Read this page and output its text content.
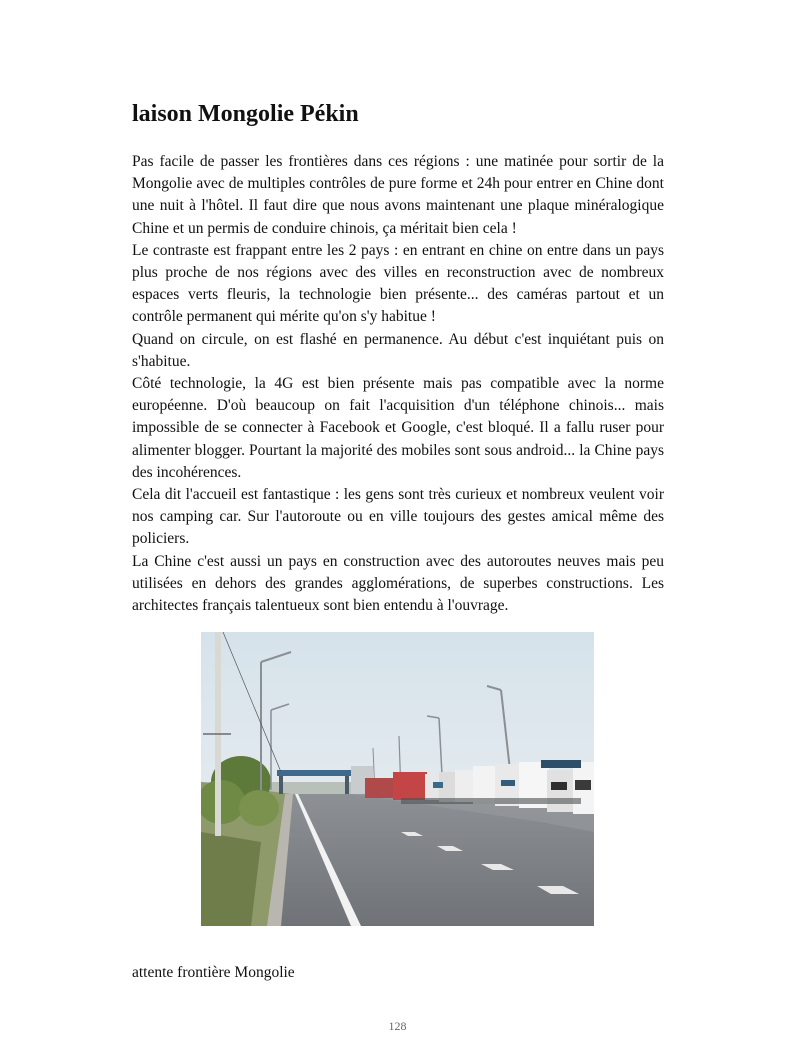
laison Mongolie Pékin

Pas facile de passer les frontières dans ces régions : une matinée pour sortir de la Mongolie avec de multiples contrôles de pure forme et 24h pour entrer en Chine dont une nuit à l'hôtel. Il faut dire que nous avons maintenant une plaque minéralogique Chine et un permis de conduire chinois, ça méritait bien cela !

Le contraste est frappant entre les 2 pays : en entrant en chine on entre dans un pays plus proche de nos régions avec des villes en reconstruction avec de nombreux espaces verts fleuris, la technologie bien présente... des caméras partout et un contrôle permanent qui mérite qu'on s'y habitue !

Quand on circule, on est flashé en permanence. Au début c'est inquiétant puis on s'habitue.

Côté technologie, la 4G est bien présente mais pas compatible avec la norme européenne. D'où beaucoup on fait l'acquisition d'un téléphone chinois... mais impossible de se connecter à Facebook et Google, c'est bloqué. Il a fallu ruser pour alimenter blogger. Pourtant la majorité des mobiles sont sous android... la Chine pays des incohérences.

Cela dit l'accueil est fantastique : les gens sont très curieux et nombreux veulent voir nos camping car. Sur l'autoroute ou en ville toujours des gestes amical même des policiers.

La Chine c'est aussi un pays en construction avec des autoroutes neuves mais peu utilisées en dehors des grandes agglomérations, de superbes constructions. Les architectes français talentueux sont bien entendu à l'ouvrage.

attente frontière Mongolie
128
